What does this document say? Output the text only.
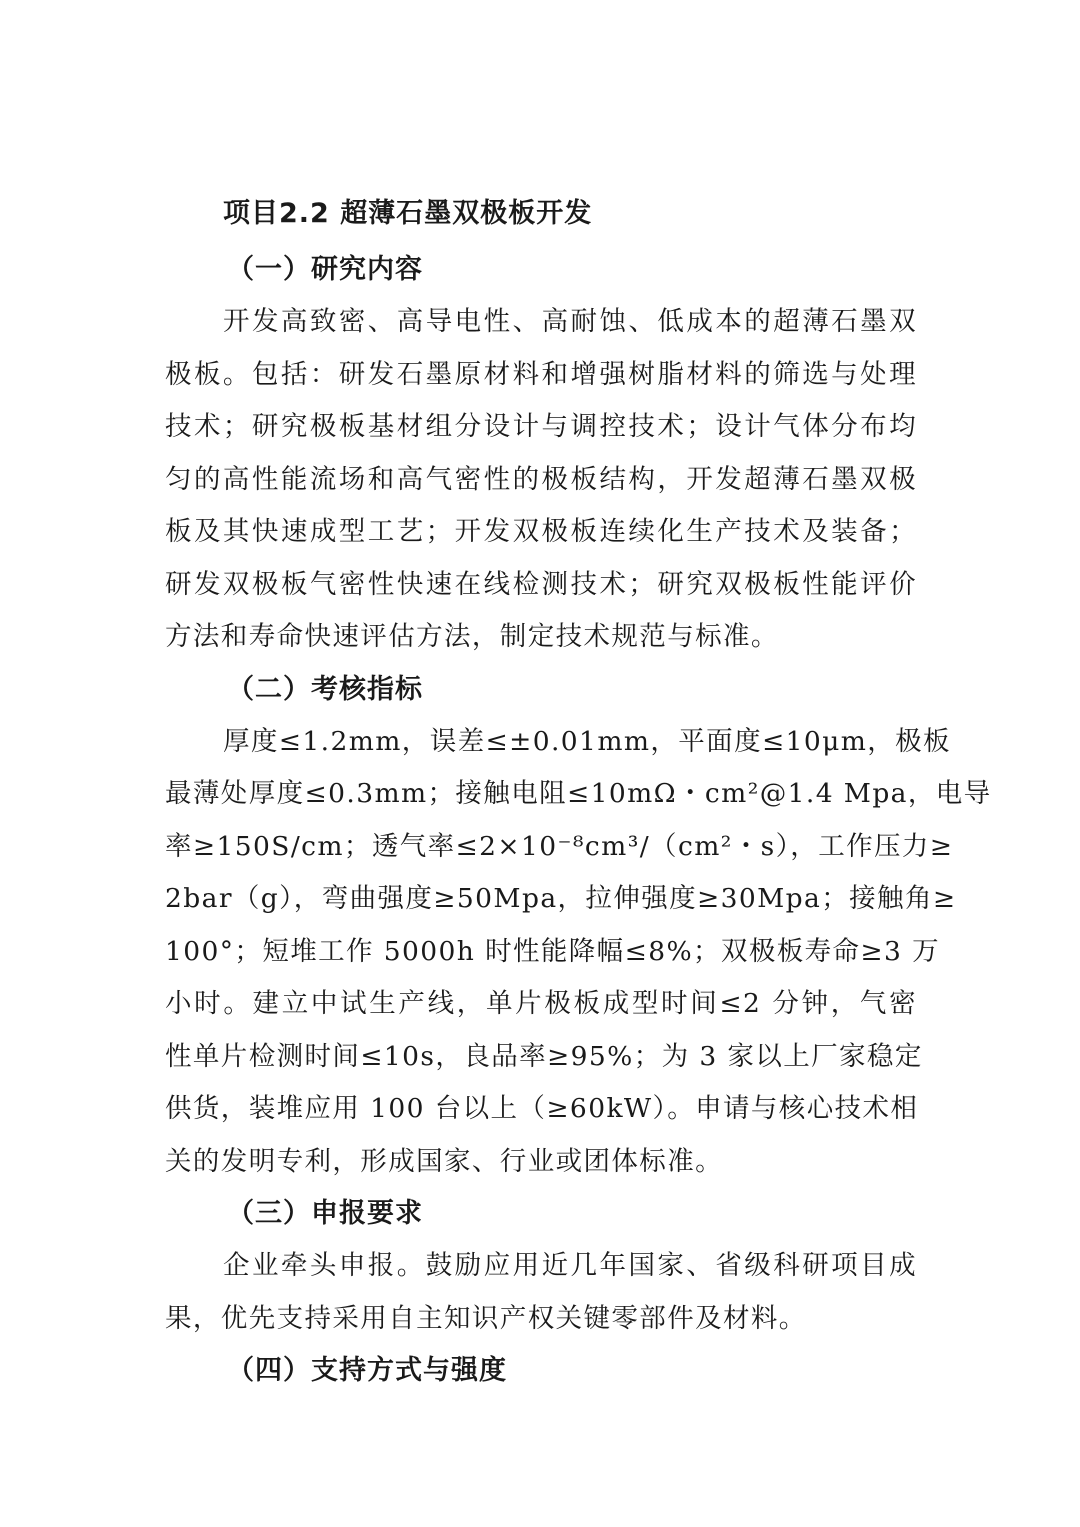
项目2.2 超薄石墨双极板开发
（一）研究内容
开发高致密、高导电性、高耐蚀、低成本的超薄石墨双
极板。包括：研发石墨原材料和增强树脂材料的筛选与处理
技术；研究极板基材组分设计与调控技术；设计气体分布均
匀的高性能流场和高气密性的极板结构，开发超薄石墨双极
板及其快速成型工艺；开发双极板连续化生产技术及装备；
研发双极板气密性快速在线检测技术；研究双极板性能评价
方法和寿命快速评估方法，制定技术规范与标准。
（二）考核指标
厚度≤1.2mm，误差≤±0.01mm，平面度≤10μm，极板
最薄处厚度≤0.3mm；接触电阻≤10mΩ・cm²@1.4 Mpa，电导
率≥150S/cm；透气率≤2×10⁻⁸cm³/（cm²・s），工作压力≥
2bar（g），弯曲强度≥50Mpa，拉伸强度≥30Mpa；接触角≥
100°；短堆工作 5000h 时性能降幅≤8%；双极板寿命≥3 万
小时。建立中试生产线，单片极板成型时间≤2 分钟，气密
性单片检测时间≤10s，良品率≥95%；为 3 家以上厂家稳定
供货，装堆应用 100 台以上（≥60kW）。申请与核心技术相
关的发明专利，形成国家、行业或团体标准。
（三）申报要求
企业牵头申报。鼓励应用近几年国家、省级科研项目成
果，优先支持采用自主知识产权关键零部件及材料。
（四）支持方式与强度
